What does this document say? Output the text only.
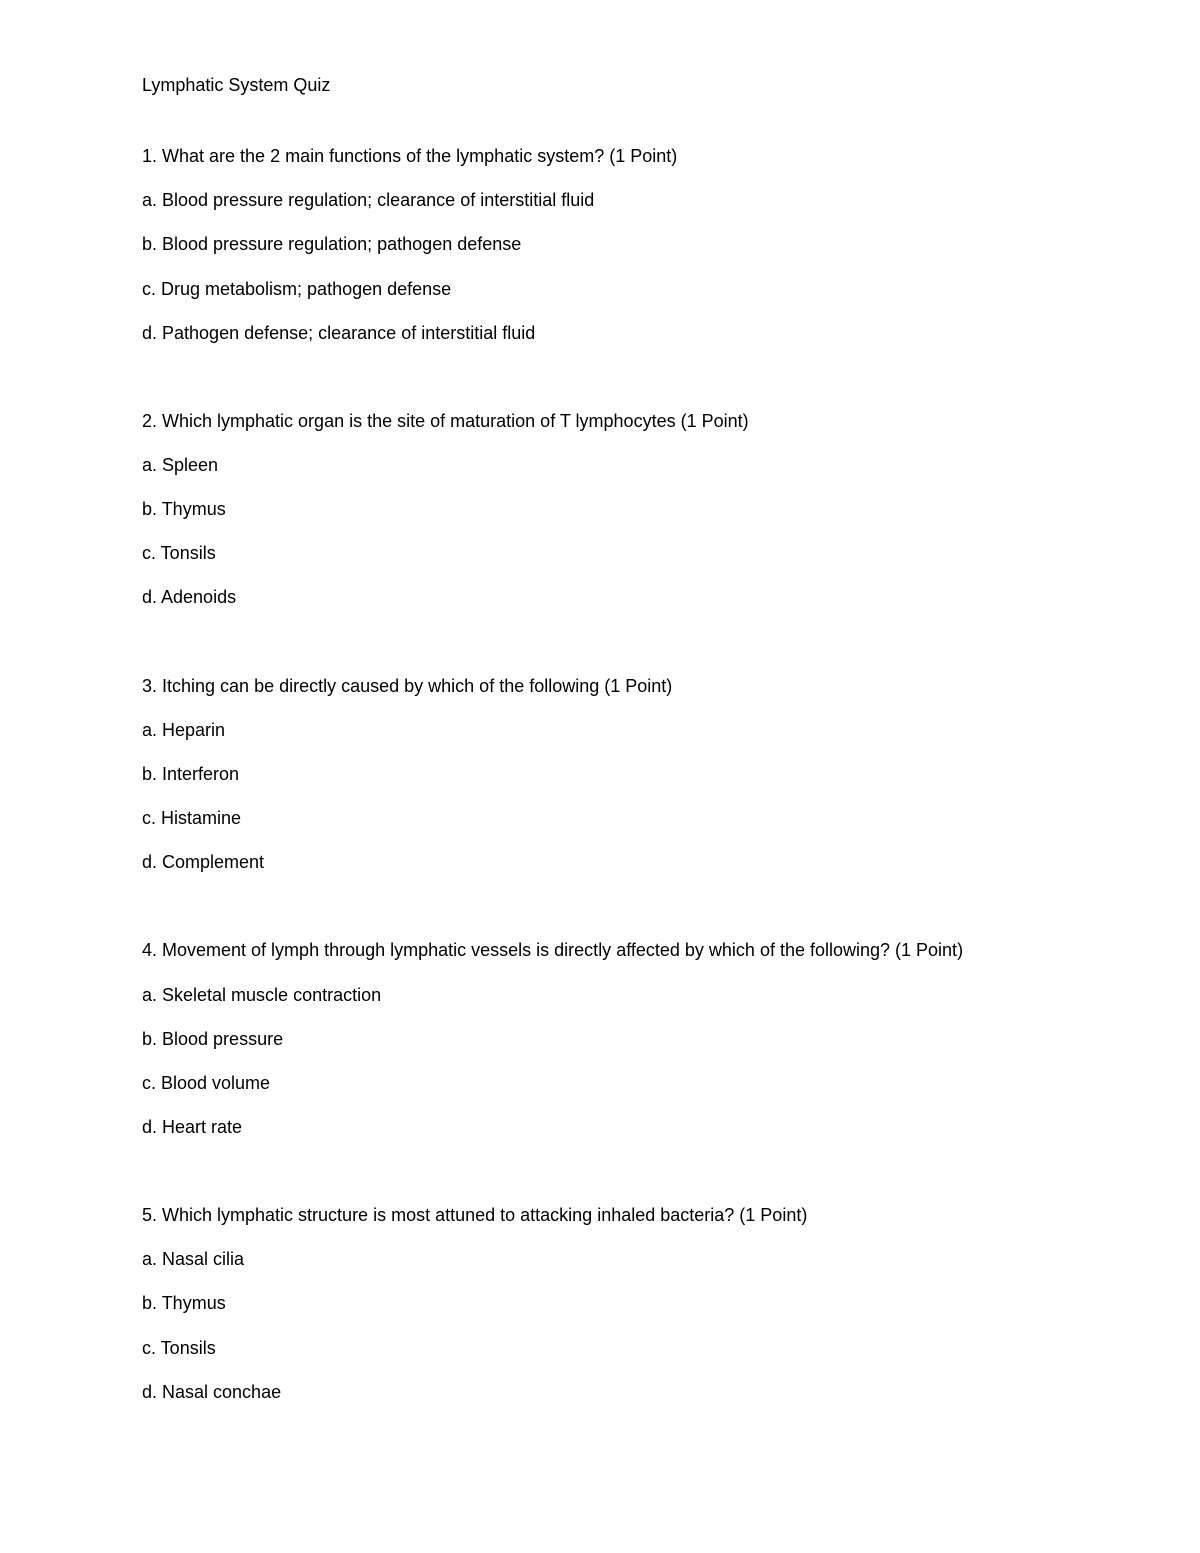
Lymphatic System Quiz
1. What are the 2 main functions of the lymphatic system? (1 Point)
a. Blood pressure regulation; clearance of interstitial fluid
b. Blood pressure regulation; pathogen defense
c. Drug metabolism; pathogen defense
d. Pathogen defense; clearance of interstitial fluid
2. Which lymphatic organ is the site of maturation of T lymphocytes (1 Point)
a. Spleen
b. Thymus
c. Tonsils
d. Adenoids
3. Itching can be directly caused by which of the following (1 Point)
a. Heparin
b. Interferon
c. Histamine
d. Complement
4. Movement of lymph through lymphatic vessels is directly affected by which of the following? (1 Point)
a. Skeletal muscle contraction
b. Blood pressure
c. Blood volume
d. Heart rate
5. Which lymphatic structure is most attuned to attacking inhaled bacteria? (1 Point)
a. Nasal cilia
b. Thymus
c. Tonsils
d. Nasal conchae
